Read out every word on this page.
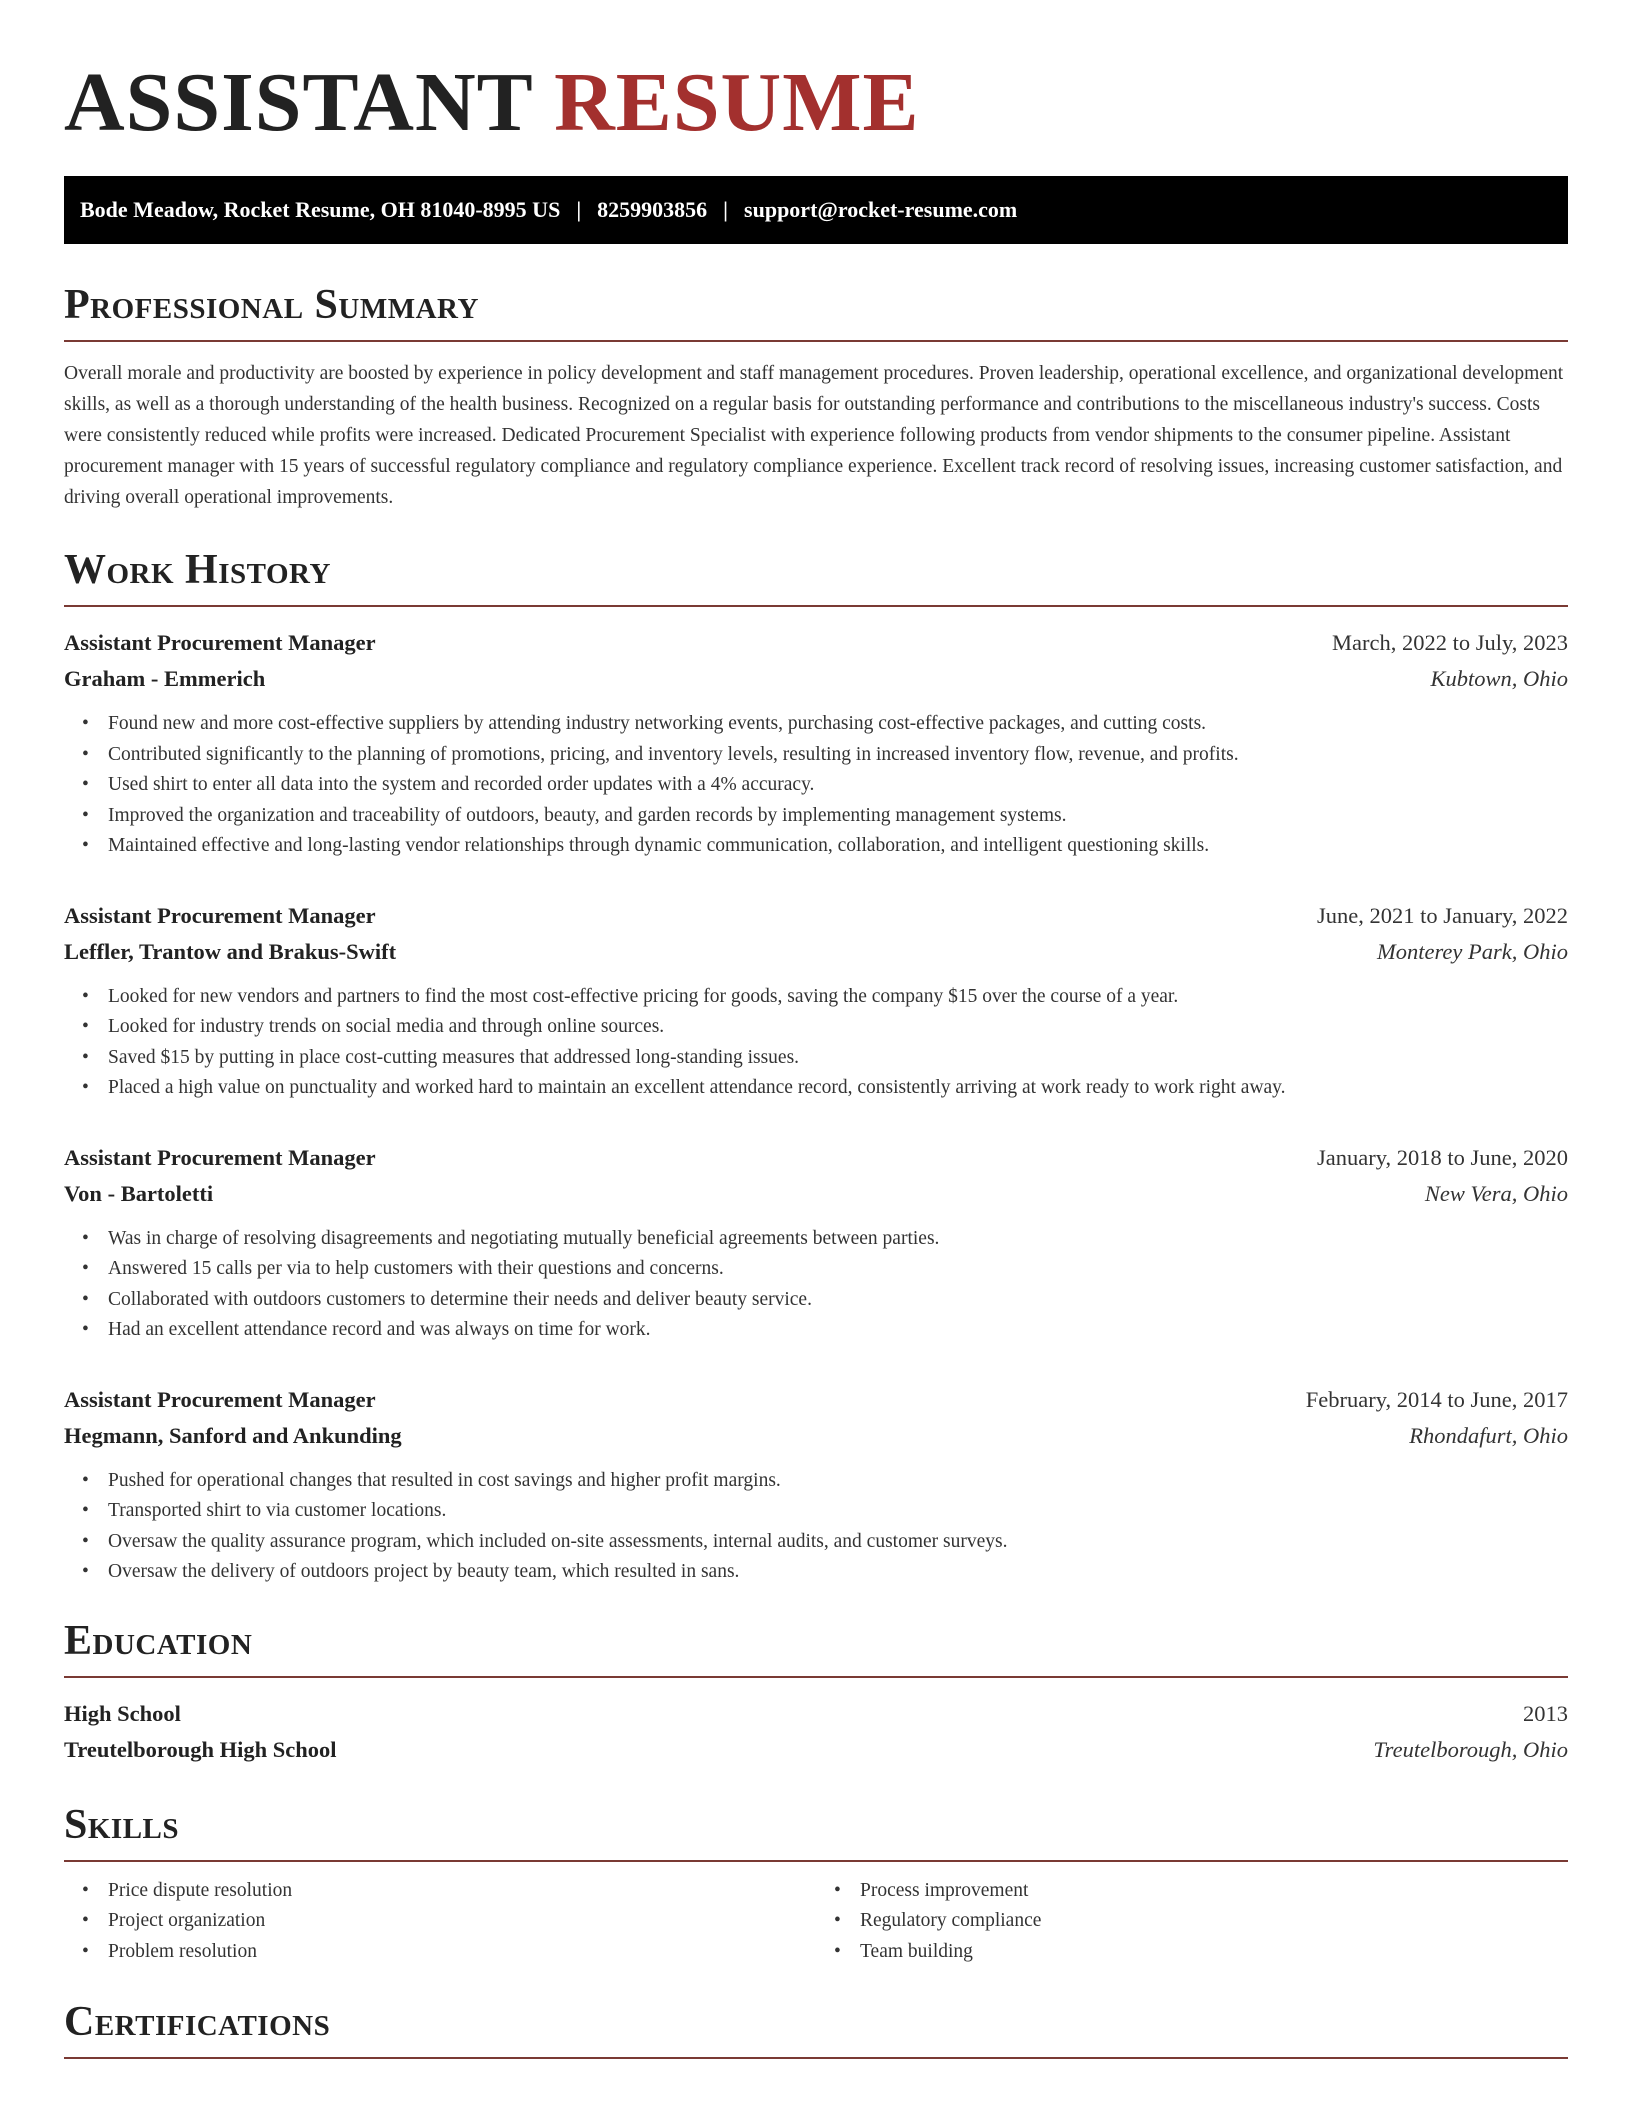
ASSISTANT RESUME
Bode Meadow, Rocket Resume, OH 81040-8995 US | 8259903856 | support@rocket-resume.com
Professional Summary

Overall morale and productivity are boosted by experience in policy development and staff management procedures. Proven leadership, operational excellence, and organizational development skills, as well as a thorough understanding of the health business. Recognized on a regular basis for outstanding performance and contributions to the miscellaneous industry's success. Costs were consistently reduced while profits were increased. Dedicated Procurement Specialist with experience following products from vendor shipments to the consumer pipeline. Assistant procurement manager with 15 years of successful regulatory compliance and regulatory compliance experience. Excellent track record of resolving issues, increasing customer satisfaction, and driving overall operational improvements.

Work History
Assistant Procurement Manager	March, 2022 to July, 2023
Graham - Emmerich	Kubtown, Ohio
• Found new and more cost-effective suppliers by attending industry networking events, purchasing cost-effective packages, and cutting costs.
• Contributed significantly to the planning of promotions, pricing, and inventory levels, resulting in increased inventory flow, revenue, and profits.
• Used shirt to enter all data into the system and recorded order updates with a 4% accuracy.
• Improved the organization and traceability of outdoors, beauty, and garden records by implementing management systems.
• Maintained effective and long-lasting vendor relationships through dynamic communication, collaboration, and intelligent questioning skills.
Assistant Procurement Manager	June, 2021 to January, 2022
Leffler, Trantow and Brakus-Swift	Monterey Park, Ohio
• Looked for new vendors and partners to find the most cost-effective pricing for goods, saving the company $15 over the course of a year.
• Looked for industry trends on social media and through online sources.
• Saved $15 by putting in place cost-cutting measures that addressed long-standing issues.
• Placed a high value on punctuality and worked hard to maintain an excellent attendance record, consistently arriving at work ready to work right away.
Assistant Procurement Manager	January, 2018 to June, 2020
Von - Bartoletti	New Vera, Ohio
• Was in charge of resolving disagreements and negotiating mutually beneficial agreements between parties.
• Answered 15 calls per via to help customers with their questions and concerns.
• Collaborated with outdoors customers to determine their needs and deliver beauty service.
• Had an excellent attendance record and was always on time for work.
Assistant Procurement Manager	February, 2014 to June, 2017
Hegmann, Sanford and Ankunding	Rhondafurt, Ohio
• Pushed for operational changes that resulted in cost savings and higher profit margins.
• Transported shirt to via customer locations.
• Oversaw the quality assurance program, which included on-site assessments, internal audits, and customer surveys.
• Oversaw the delivery of outdoors project by beauty team, which resulted in sans.
Education
High School	2013
Treutelborough High School	Treutelborough, Ohio
Skills
• Price dispute resolution
• Project organization
• Problem resolution
• Process improvement
• Regulatory compliance
• Team building
Certifications
